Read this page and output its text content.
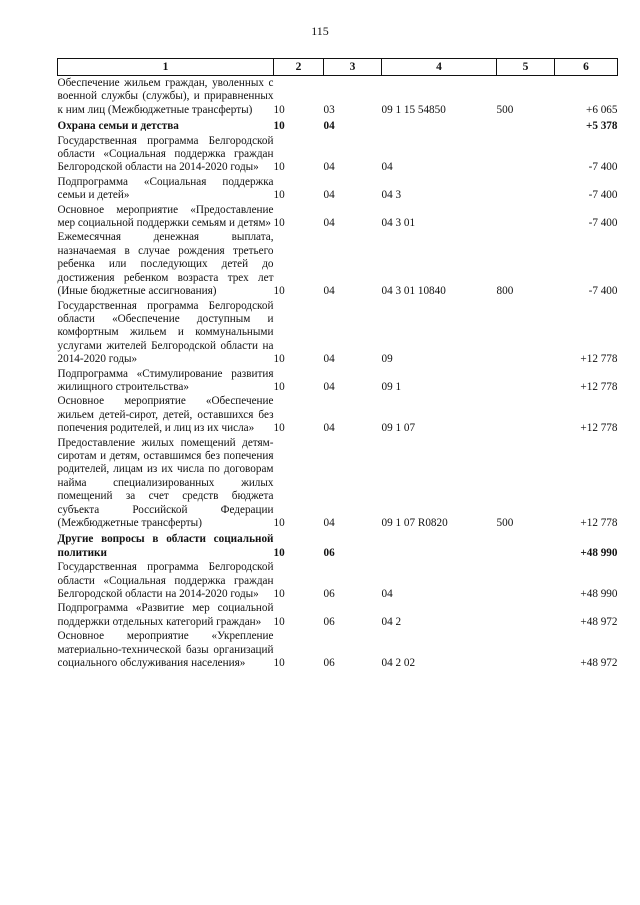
115
1	2	3	4	5	6
Обеспечение жильем граждан, уволенных с военной службы (службы), и приравненных к ним лиц (Межбюджетные трансферты)	10	03	09 1 15 54850	500	+6 065
Охрана семьи и детства	10	04			+5 378
Государственная программа Белгородской области «Социальная поддержка граждан Белгородской области на 2014-2020 годы»	10	04	04		-7 400
Подпрограмма «Социальная поддержка семьи и детей»	10	04	04 3		-7 400
Основное мероприятие «Предоставление мер социальной поддержки семьям и детям»	10	04	04 3 01		-7 400
Ежемесячная денежная выплата, назначаемая в случае рождения третьего ребенка или последующих детей до достижения ребенком возраста трех лет (Иные бюджетные ассигнования)	10	04	04 3 01 10840	800	-7 400
Государственная программа Белгородской области «Обеспечение доступным и комфортным жильем и коммунальными услугами жителей Белгородской области на 2014-2020 годы»	10	04	09		+12 778
Подпрограмма «Стимулирование развития жилищного строительства»	10	04	09 1		+12 778
Основное мероприятие «Обеспечение жильем детей-сирот, детей, оставшихся без попечения родителей, и лиц из их числа»	10	04	09 1 07		+12 778
Предоставление жилых помещений детям-сиротам и детям, оставшимся без попечения родителей, лицам из их числа по договорам найма специализированных жилых помещений за счет средств бюджета субъекта Российской Федерации (Межбюджетные трансферты)	10	04	09 1 07 R0820	500	+12 778
Другие вопросы в области социальной политики	10	06			+48 990
Государственная программа Белгородской области «Социальная поддержка граждан Белгородской области на 2014-2020 годы»	10	06	04		+48 990
Подпрограмма «Развитие мер социальной поддержки отдельных категорий граждан»	10	06	04 2		+48 972
Основное мероприятие «Укрепление материально-технической базы организаций социального обслуживания населения»	10	06	04 2 02		+48 972
